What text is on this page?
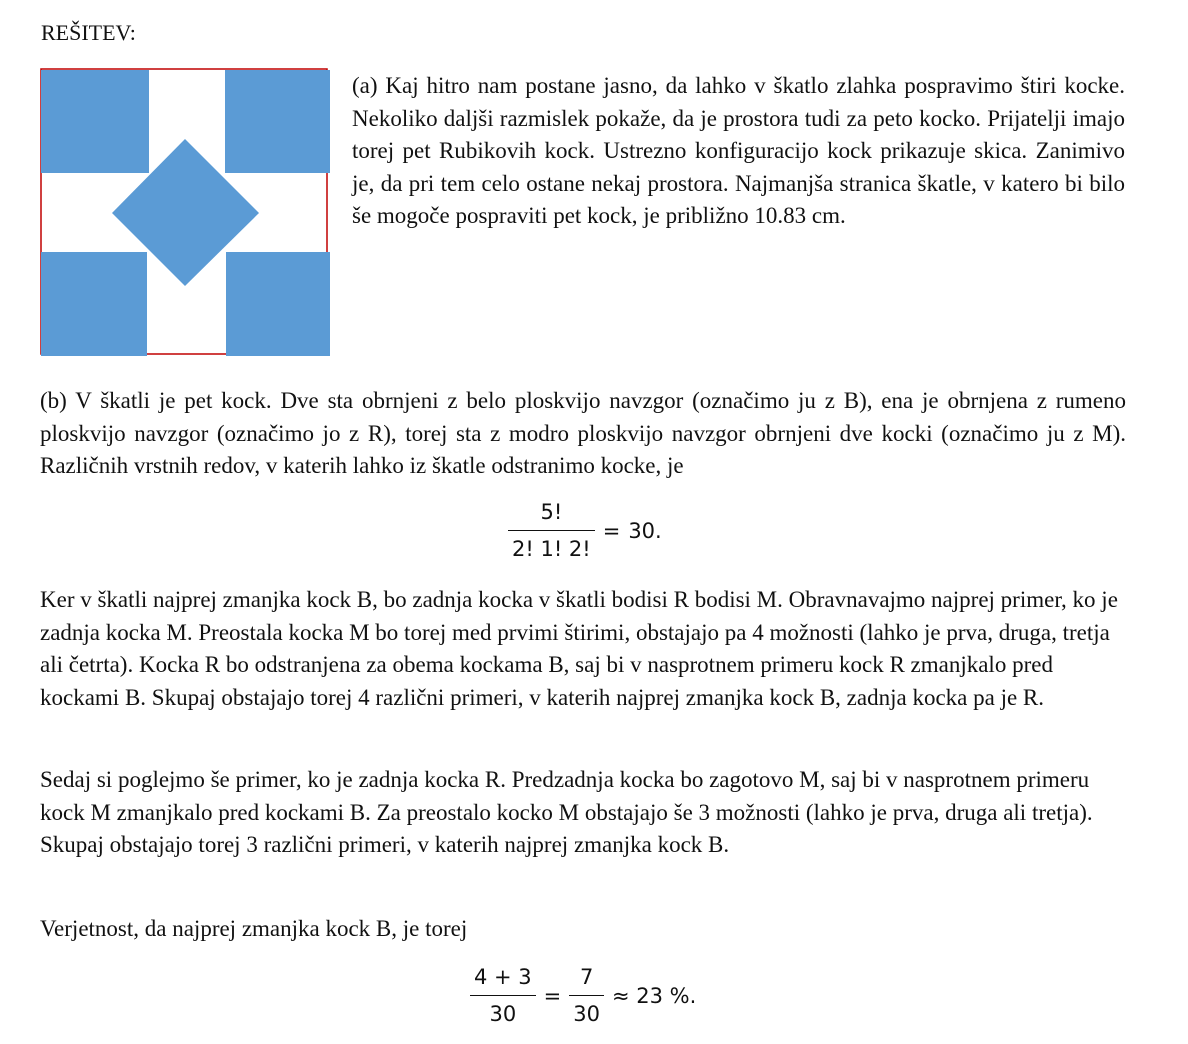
REŠITEV:
(a) Kaj hitro nam postane jasno, da lahko v škatlo zlahka pospravimo štiri kocke. Nekoliko daljši razmislek pokaže, da je prostora tudi za peto kocko. Prijatelji imajo torej pet Rubikovih kock. Ustrezno konfiguracijo kock prikazuje skica. Zanimivo je, da pri tem celo ostane nekaj prostora. Najmanjša stranica škatle, v katero bi bilo še mogoče pospraviti pet kock, je približno 10.83 cm.
(b) V škatli je pet kock. Dve sta obrnjeni z belo ploskvijo navzgor (označimo ju z B), ena je obrnjena z rumeno ploskvijo navzgor (označimo jo z R), torej sta z modro ploskvijo navzgor obrnjeni dve kocki (označimo ju z M). Različnih vrstnih redov, v katerih lahko iz škatle odstranimo kocke, je
$\frac{5!}{2! 1! 2!} = 30$.
Ker v škatli najprej zmanjka kock B, bo zadnja kocka v škatli bodisi R bodisi M. Obravnavajmo najprej primer, ko je zadnja kocka M. Preostala kocka M bo torej med prvimi štirimi, obstajajo pa 4 možnosti (lahko je prva, druga, tretja ali četrta). Kocka R bo odstranjena za obema kockama B, saj bi v nasprotnem primeru kock R zmanjkalo pred kockami B. Skupaj obstajajo torej 4 različni primeri, v katerih najprej zmanjka kock B, zadnja kocka pa je R.
Sedaj si poglejmo še primer, ko je zadnja kocka R. Predzadnja kocka bo zagotovo M, saj bi v nasprotnem primeru kock M zmanjkalo pred kockami B. Za preostalo kocko M obstajajo še 3 možnosti (lahko je prva, druga ali tretja). Skupaj obstajajo torej 3 različni primeri, v katerih najprej zmanjka kock B.
Verjetnost, da najprej zmanjka kock B, je torej
$\frac{4 + 3}{30} = \frac{7}{30} \approx 23$ %.
